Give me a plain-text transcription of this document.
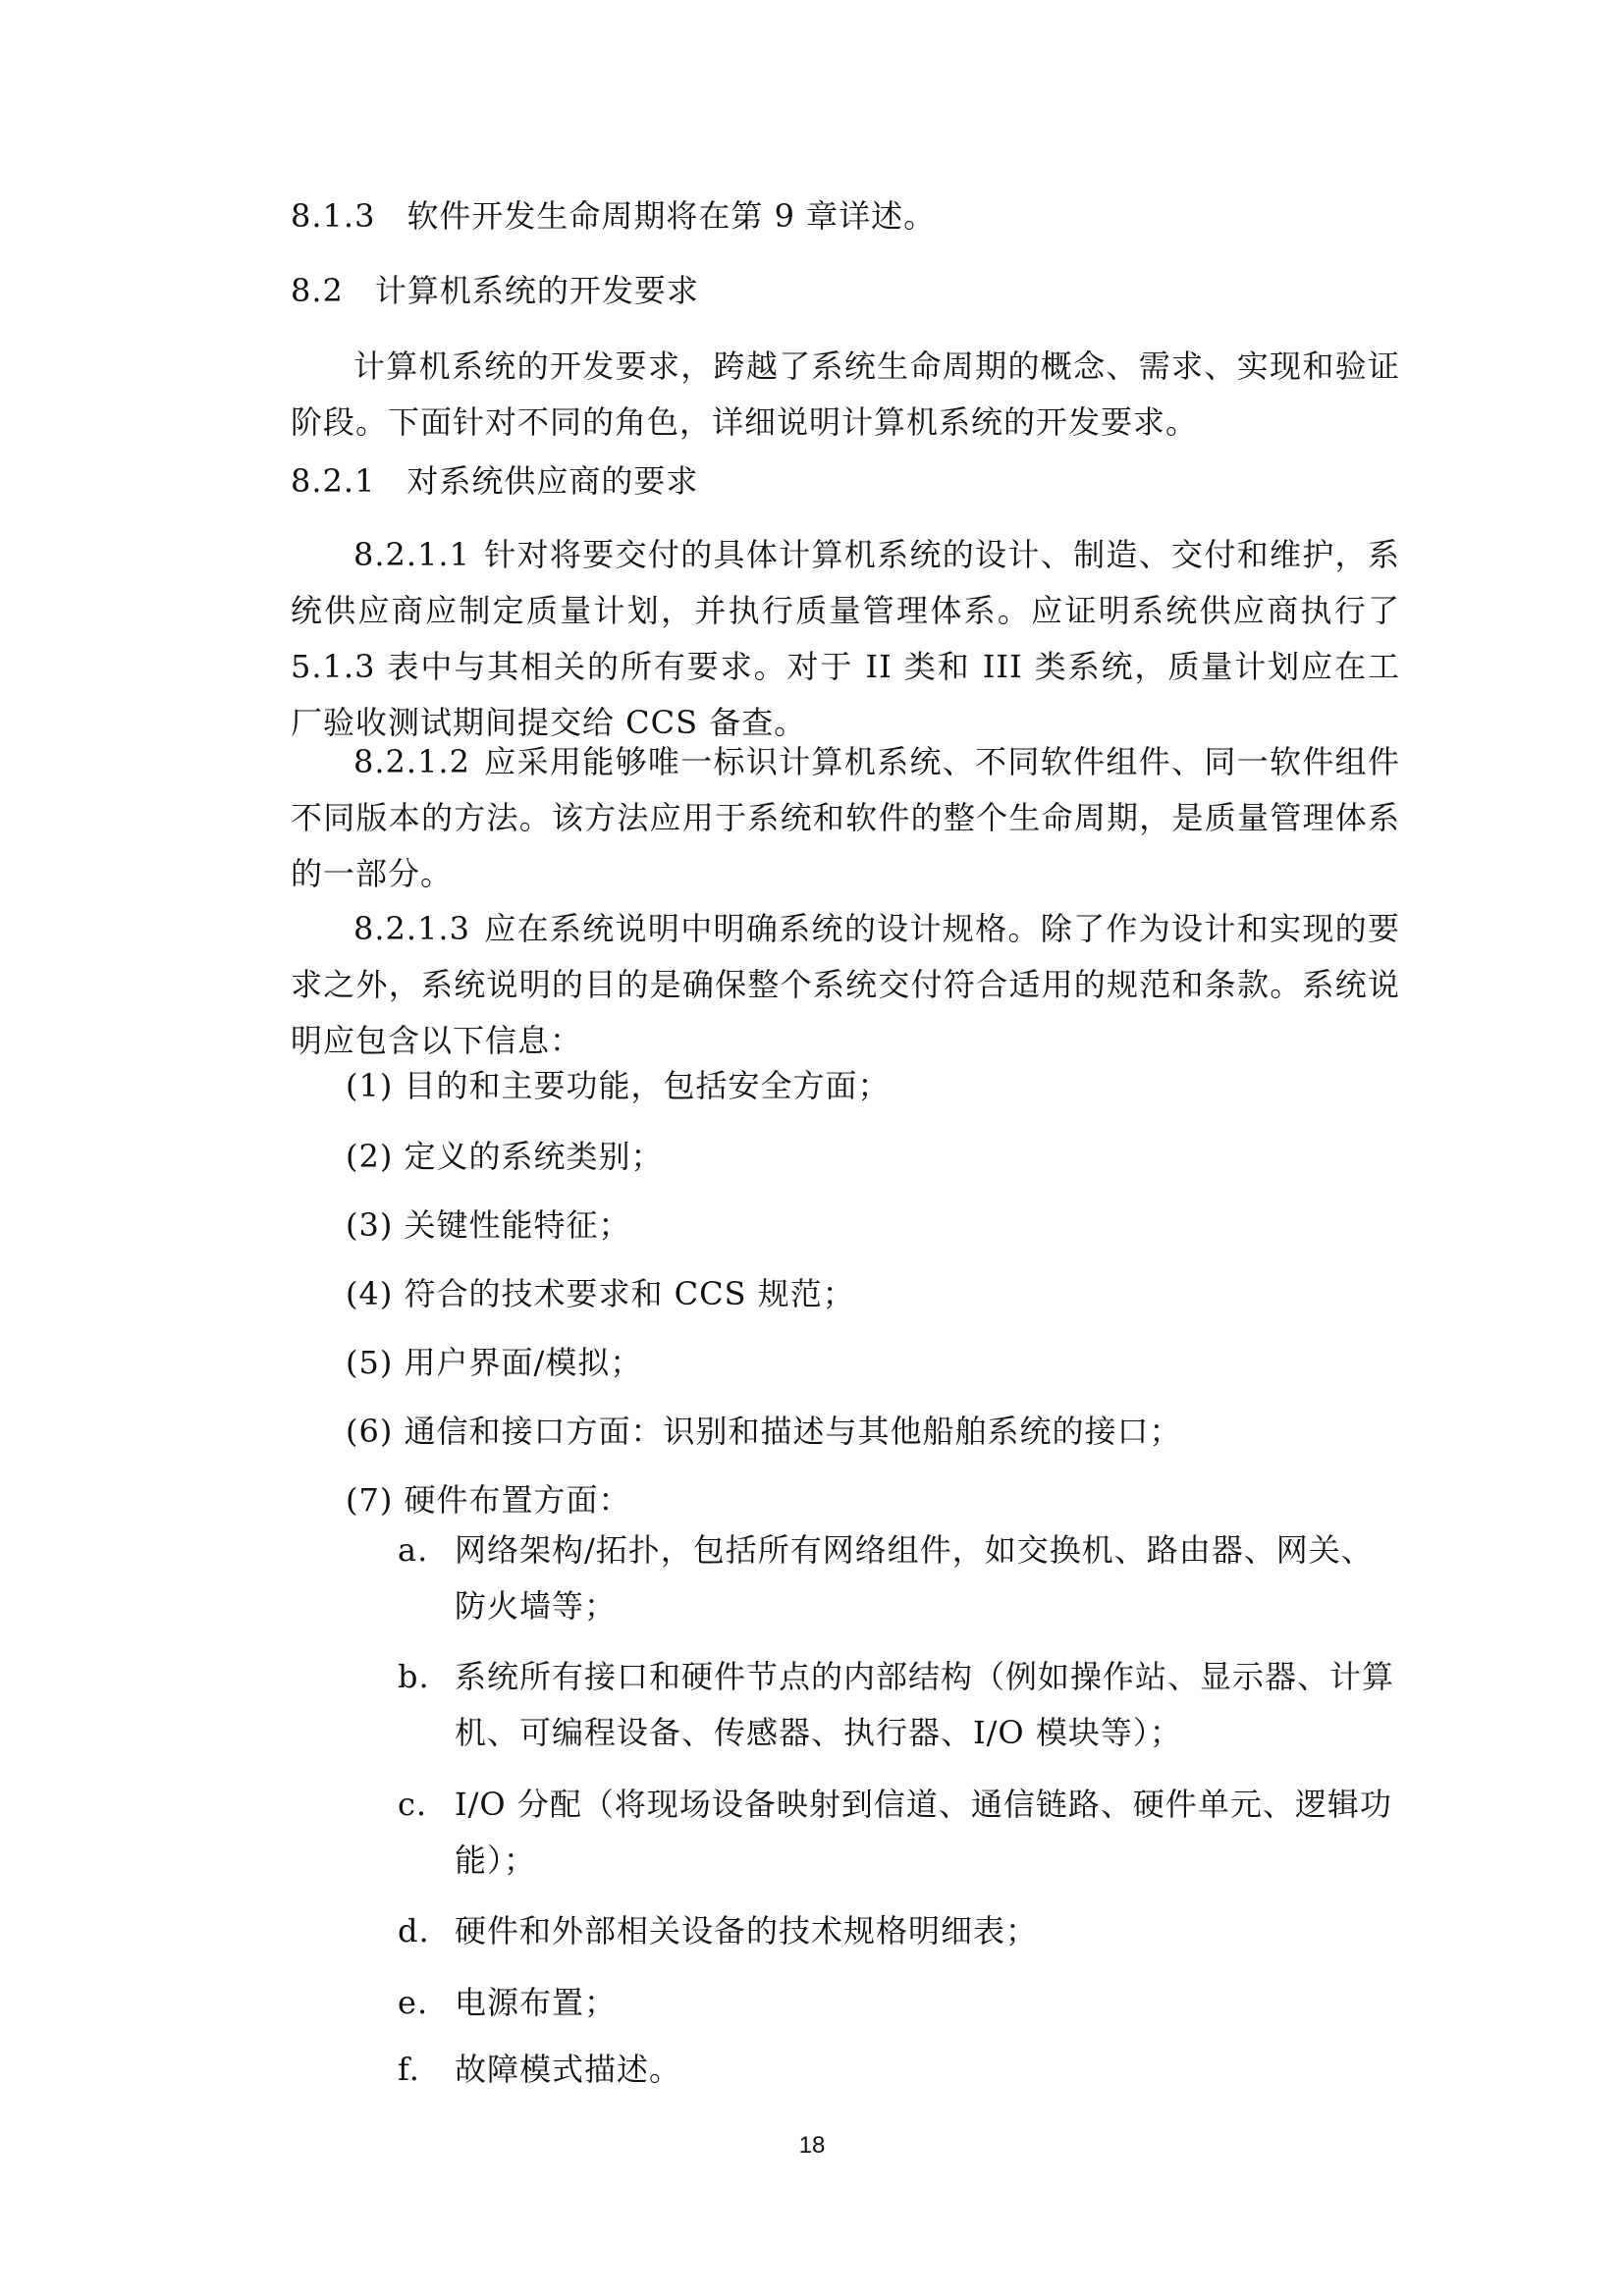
8.1.3 软件开发生命周期将在第 9 章详述。
8.2 计算机系统的开发要求
计算机系统的开发要求，跨越了系统生命周期的概念、需求、实现和验证阶段。下面针对不同的角色，详细说明计算机系统的开发要求。
8.2.1 对系统供应商的要求
8.2.1.1 针对将要交付的具体计算机系统的设计、制造、交付和维护，系统供应商应制定质量计划，并执行质量管理体系。应证明系统供应商执行了 5.1.3 表中与其相关的所有要求。对于 II 类和 III 类系统，质量计划应在工厂验收测试期间提交给 CCS 备查。
8.2.1.2 应采用能够唯一标识计算机系统、不同软件组件、同一软件组件不同版本的方法。该方法应用于系统和软件的整个生命周期，是质量管理体系的一部分。
8.2.1.3 应在系统说明中明确系统的设计规格。除了作为设计和实现的要求之外，系统说明的目的是确保整个系统交付符合适用的规范和条款。系统说明应包含以下信息：
(1) 目的和主要功能，包括安全方面；
(2) 定义的系统类别；
(3) 关键性能特征；
(4) 符合的技术要求和 CCS 规范；
(5) 用户界面/模拟；
(6) 通信和接口方面：识别和描述与其他船舶系统的接口；
(7) 硬件布置方面：
a. 网络架构/拓扑，包括所有网络组件，如交换机、路由器、网关、防火墙等；
b. 系统所有接口和硬件节点的内部结构（例如操作站、显示器、计算机、可编程设备、传感器、执行器、I/O 模块等）；
c. I/O 分配（将现场设备映射到信道、通信链路、硬件单元、逻辑功能）；
d. 硬件和外部相关设备的技术规格明细表；
e. 电源布置；
f.	故障模式描述。
18
